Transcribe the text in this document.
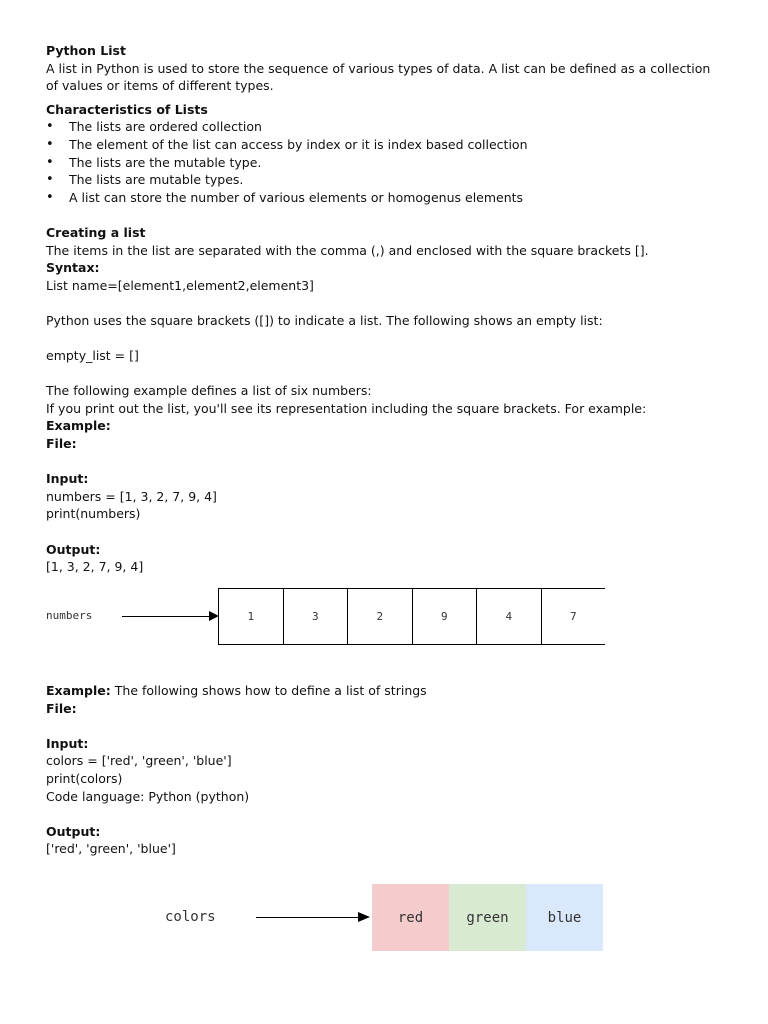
Python List

A list in Python is used to store the sequence of various types of data. A list can be defined as a collection of values or items of different types.

Characteristics of Lists

• The lists are ordered collection
• The element of the list can access by index or it is index based collection
• The lists are the mutable type.
• The lists are mutable types.
• A list can store the number of various elements or homogenus elements

Creating a list

The items in the list are separated with the comma (,) and enclosed with the square brackets [].

Syntax:

List name=[element1,element2,element3]

Python uses the square brackets ([]) to indicate a list. The following shows an empty list:

empty_list = []

The following example defines a list of six numbers:

If you print out the list, you'll see its representation including the square brackets. For example:

Example:

File:

Input:

numbers = [1, 3, 2, 7, 9, 4]

print(numbers)

Output:

[1, 3, 2, 7, 9, 4]

numbers	1	3	2	9	4	7

Example: The following shows how to define a list of strings

File:

Input:

colors = ['red', 'green', 'blue']

print(colors)

Code language: Python (python)

Output:

['red', 'green', 'blue']

colors	red	green	blue
